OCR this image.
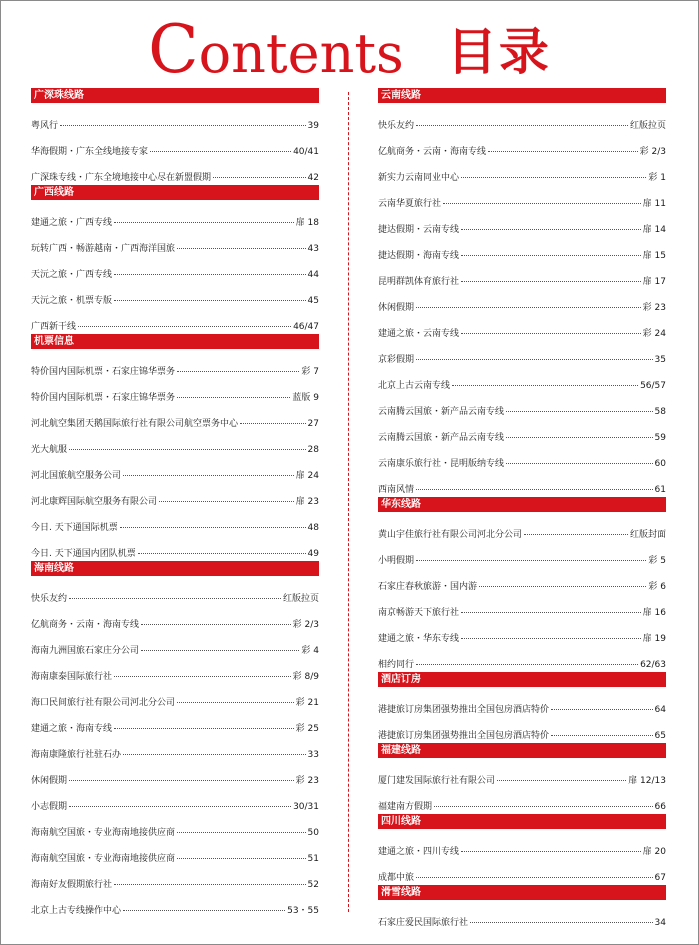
Contents 目录
广深珠线路
粤风行	39
华海假期・广东全线地接专家	40/41
广深珠专线・广东全境地接中心尽在新盟假期	42
广西线路
建通之旅・广西专线	扉 18
玩转广西・畅游越南・广西海洋国旅	43
天沅之旅・广西专线	44
天沅之旅・机票专版	45
广西新干线	46/47
机票信息
特价国内国际机票・石家庄锦华票务	彩 7
特价国内国际机票・石家庄锦华票务	蓝版 9
河北航空集团天鹅国际旅行社有限公司航空票务中心	27
光大航服	28
河北国旅航空服务公司	扉 24
河北康辉国际航空服务有限公司	扉 23
今日. 天下通国际机票	48
今日. 天下通国内团队机票	49
海南线路
快乐友约	红版拉页
亿航商务・云南・海南专线	彩 2/3
海南九洲国旅石家庄分公司	彩 4
海南康泰国际旅行社	彩 8/9
海口民间旅行社有限公司河北分公司	彩 21
建通之旅・海南专线	彩 25
海南康隆旅行社驻石办	33
休闲假期	彩 23
小志假期	30/31
海南航空国旅・专业海南地接供应商	50
海南航空国旅・专业海南地接供应商	51
海南好友假期旅行社	52
北京上古专线操作中心	53・55
云南线路
快乐友约	红版拉页
亿航商务・云南・海南专线	彩 2/3
新实力云南同业中心	彩 1
云南华夏旅行社	扉 11
捷达假期・云南专线	扉 14
捷达假期・海南专线	扉 15
昆明群凯体育旅行社	扉 17
休闲假期	彩 23
建通之旅・云南专线	彩 24
京彩假期	35
北京上古云南专线	56/57
云南腾云国旅・新产品云南专线	58
云南腾云国旅・新产品云南专线	59
云南康乐旅行社・昆明版纳专线	60
西南风情	61
华东线路
黄山宇佳旅行社有限公司河北分公司	红版封面
小明假期	彩 5
石家庄春秋旅游・国内游	彩 6
南京畅游天下旅行社	扉 16
建通之旅・华东专线	扉 19
相约同行	62/63
酒店订房
港捷旅订房集团强势推出全国包房酒店特价	64
港捷旅订房集团强势推出全国包房酒店特价	65
福建线路
厦门建发国际旅行社有限公司	扉 12/13
福建南方假期	66
四川线路
建通之旅・四川专线	扉 20
成都中旅	67
滑雪线路
石家庄爱民国际旅行社	34
